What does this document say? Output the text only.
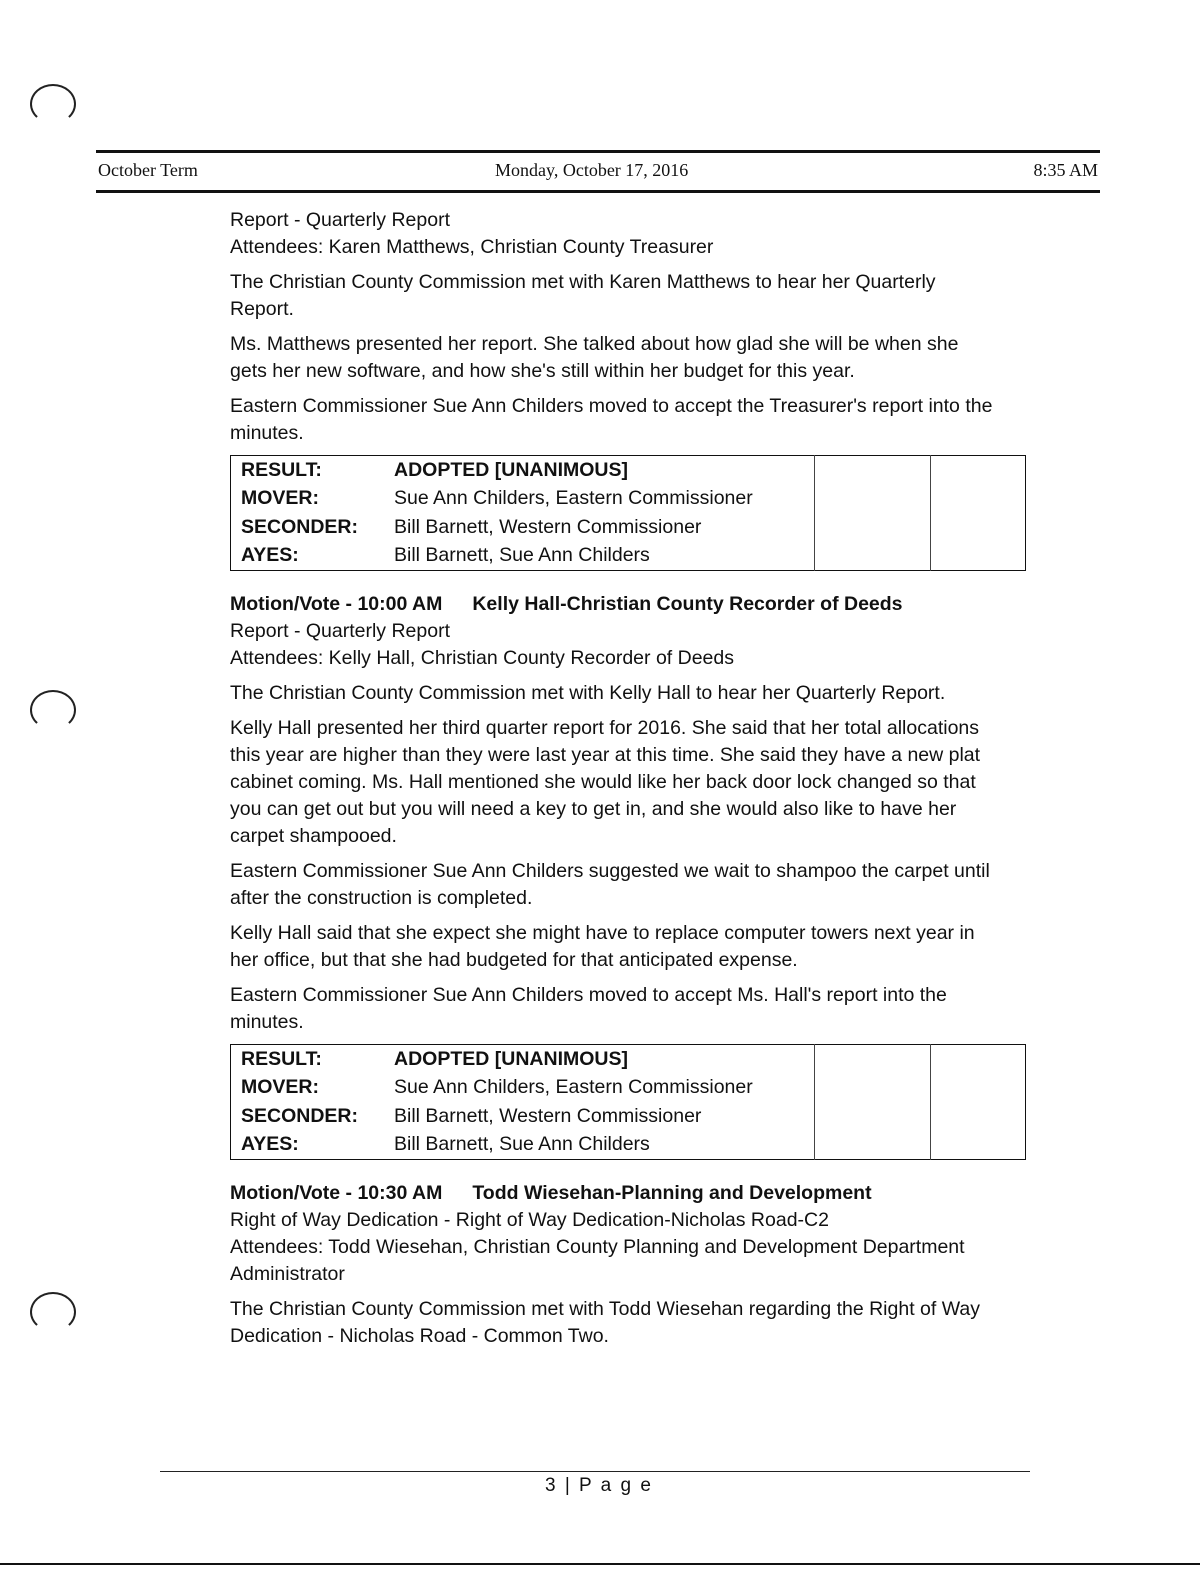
October Term	Monday, October 17, 2016	8:35 AM

Report - Quarterly Report
Attendees: Karen Matthews, Christian County Treasurer

The Christian County Commission met with Karen Matthews to hear her Quarterly
Report.

Ms. Matthews presented her report. She talked about how glad she will be when she
gets her new software, and how she's still within her budget for this year.

Eastern Commissioner Sue Ann Childers moved to accept the Treasurer's report into the
minutes.

RESULT:	ADOPTED [UNANIMOUS]		
MOVER:	Sue Ann Childers, Eastern Commissioner		
SECONDER:	Bill Barnett, Western Commissioner		
AYES:	Bill Barnett, Sue Ann Childers		

Motion/Vote - 10:00 AM Kelly Hall-Christian County Recorder of Deeds
Report - Quarterly Report
Attendees: Kelly Hall, Christian County Recorder of Deeds

The Christian County Commission met with Kelly Hall to hear her Quarterly Report.

Kelly Hall presented her third quarter report for 2016. She said that her total allocations
this year are higher than they were last year at this time. She said they have a new plat
cabinet coming. Ms. Hall mentioned she would like her back door lock changed so that
you can get out but you will need a key to get in, and she would also like to have her
carpet shampooed.

Eastern Commissioner Sue Ann Childers suggested we wait to shampoo the carpet until
after the construction is completed.

Kelly Hall said that she expect she might have to replace computer towers next year in
her office, but that she had budgeted for that anticipated expense.

Eastern Commissioner Sue Ann Childers moved to accept Ms. Hall's report into the
minutes.

RESULT:	ADOPTED [UNANIMOUS]		
MOVER:	Sue Ann Childers, Eastern Commissioner		
SECONDER:	Bill Barnett, Western Commissioner		
AYES:	Bill Barnett, Sue Ann Childers		

Motion/Vote - 10:30 AM Todd Wiesehan-Planning and Development
Right of Way Dedication - Right of Way Dedication-Nicholas Road-C2
Attendees: Todd Wiesehan, Christian County Planning and Development Department
Administrator

The Christian County Commission met with Todd Wiesehan regarding the Right of Way
Dedication - Nicholas Road - Common Two.

3 | P a g e
